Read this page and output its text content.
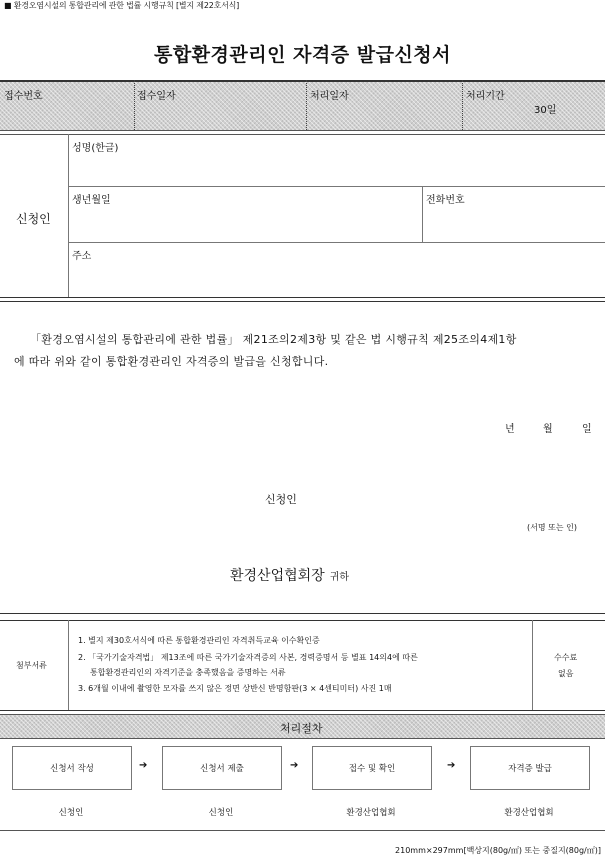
■ 환경오염시설의 통합관리에 관한 법률 시행규칙 [별지 제22호서식]
통합환경관리인 자격증 발급신청서
접수번호	접수일자	처리일자	처리기간
30일
신청인
성명(한글)
생년월일	전화번호
주소
「환경오염시설의 통합관리에 관한 법률」 제21조의2제3항 및 같은 법 시행규칙 제25조의4제1항
에 따라 위와 같이 통합환경관리인 자격증의 발급을 신청합니다.
년	월	일
신청인
(서명 또는 인)
환경산업협회장 귀하
첨부서류
1. 별지 제30호서식에 따른 통합환경관리인 자격취득교육 이수확인증
2. 「국가기술자격법」 제13조에 따른 국가기술자격증의 사본, 경력증명서 등 별표 14의4에 따른
통합환경관리인의 자격기준을 충족했음을 증명하는 서류
3. 6개월 이내에 촬영한 모자를 쓰지 않은 정면 상반신 반명함판(3 × 4센티미터) 사진 1매
수수료
없음
처리절차
신청서 작성	➔	신청서 제출	➔	접수 및 확인	➔	자격증 발급
신청인	신청인	환경산업협회	환경산업협회
210mm×297mm[백상지(80g/㎡) 또는 중질지(80g/㎡)]
